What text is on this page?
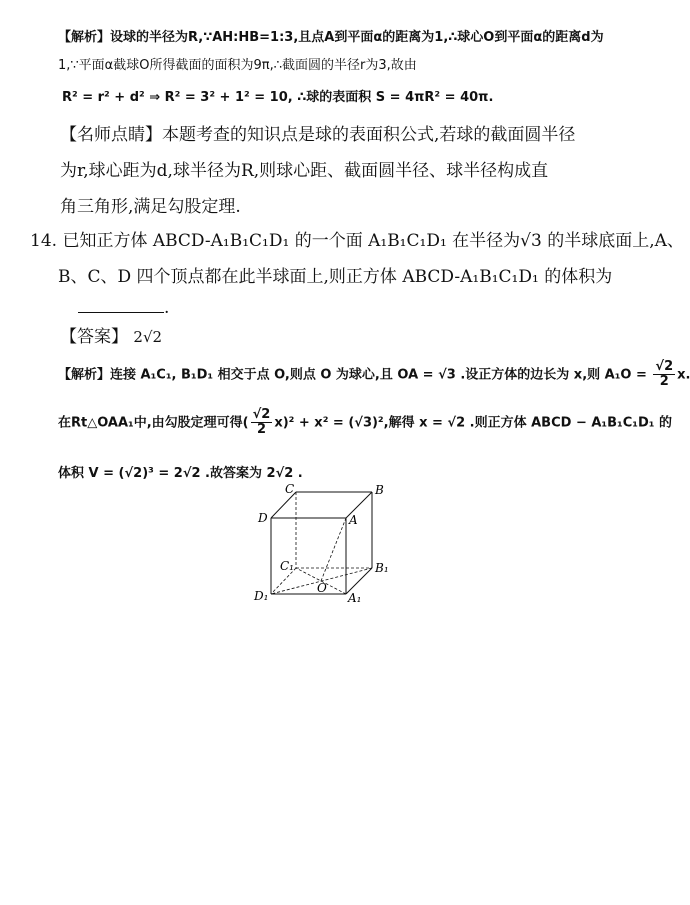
【解析】设球的半径为R,∵AH:HB=1:3,且点A到平面α的距离为1,∴球心O到平面α的距离d为
1,∵平面α截球O所得截面的面积为9π,∴截面圆的半径r为3,故由
R² = r² + d² ⇒ R² = 3² + 1² = 10, ∴球的表面积 S = 4πR² = 40π.
【名师点睛】本题考查的知识点是球的表面积公式,若球的截面圆半径
为r,球心距为d,球半径为R,则球心距、截面圆半径、球半径构成直
角三角形,满足勾股定理.
14. 已知正方体 ABCD-A₁B₁C₁D₁ 的一个面 A₁B₁C₁D₁ 在半径为√3 的半球底面上,A、
B、C、D 四个顶点都在此半球面上,则正方体 ABCD-A₁B₁C₁D₁ 的体积为
.
【答案】 2√2
【解析】连接 A₁C₁, B₁D₁ 相交于点 O,则点 O 为球心,且 OA = √3 .设正方体的边长为 x,则 $A_1O = \frac{√2}{2} x$.
在Rt△OAA₁中,由勾股定理可得( $\frac{√2}{2} x)^2 + x^2 = (√3)^2$,解得 x = √2 .则正方体 ABCD − A₁B₁C₁D₁ 的
体积 V = (√2)³ = 2√2 .故答案为 2√2 .
C	B
D	A
C₁	B₁
D₁
O
A₁
